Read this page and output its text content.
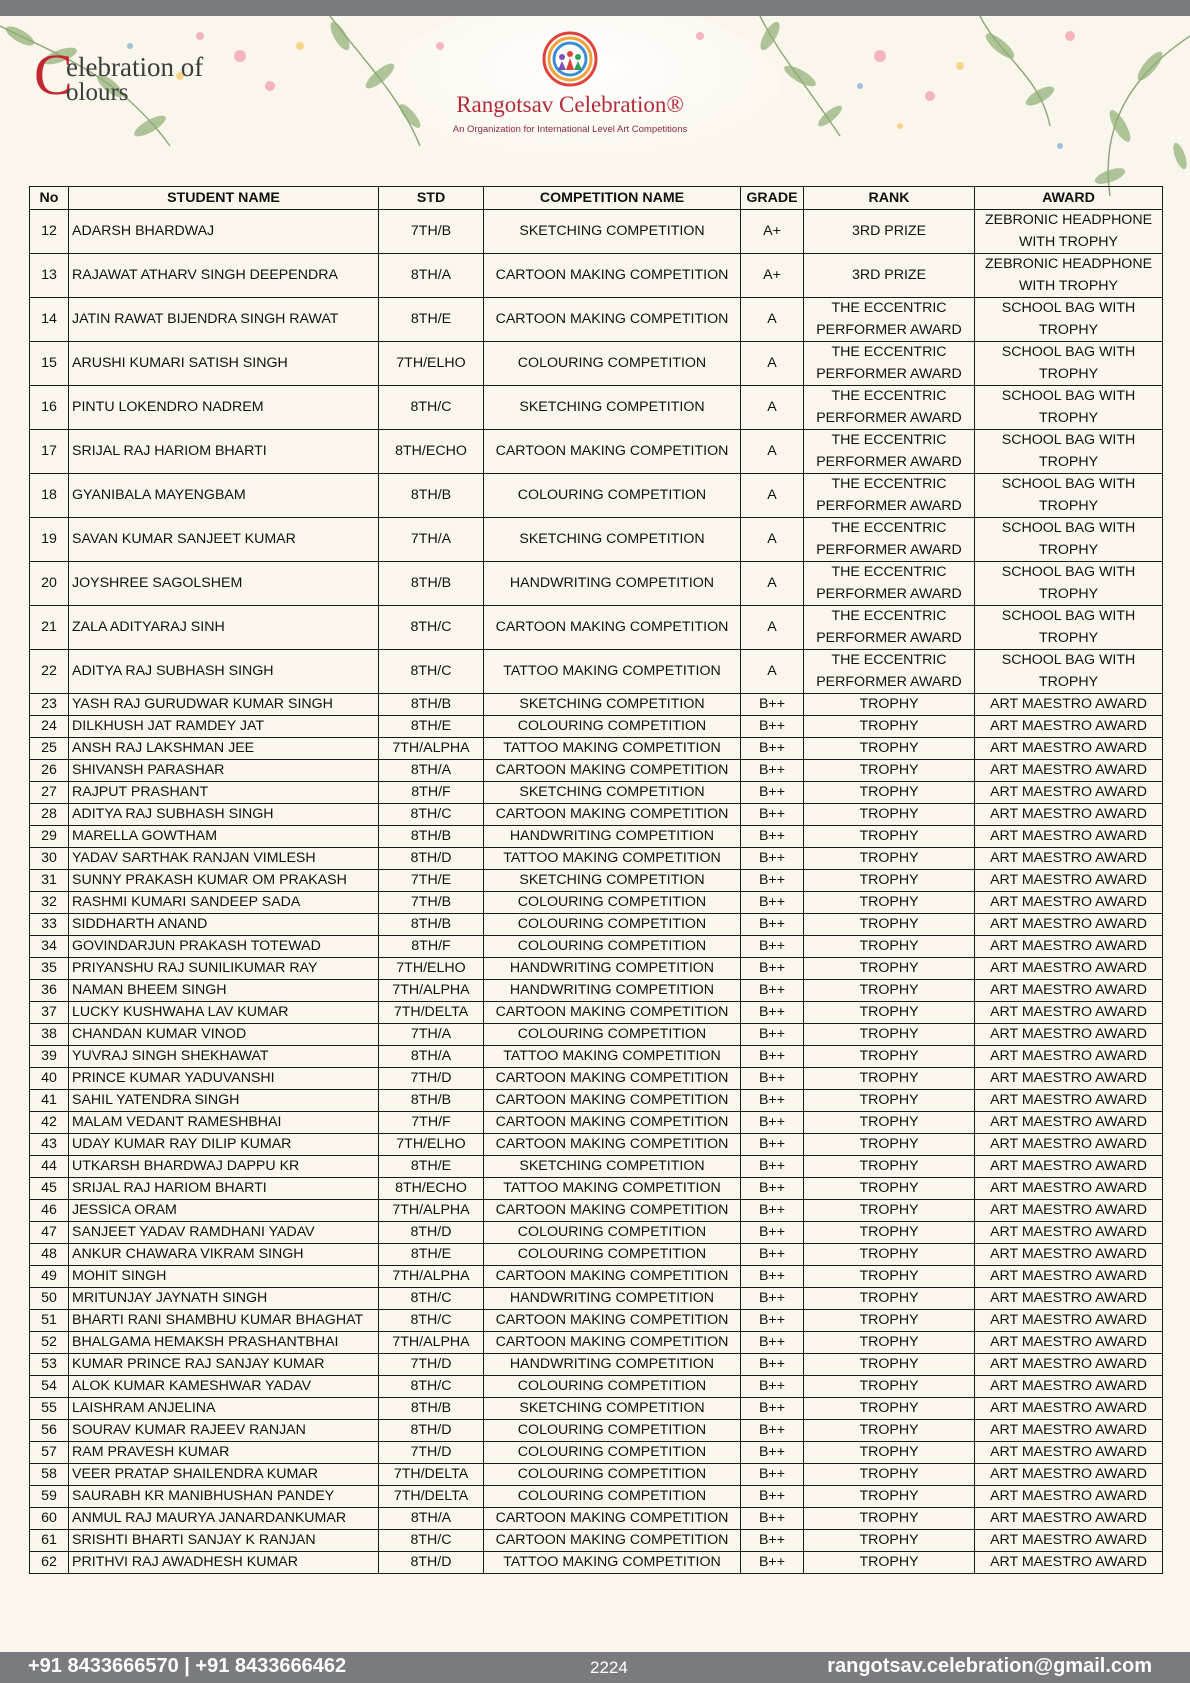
C
elebration of
olours	Rangotsav Celebration®
An Organization for International Level Art Competitions
No	STUDENT NAME	STD	COMPETITION NAME	GRADE	RANK	AWARD
12	ADARSH BHARDWAJ	7TH/B	SKETCHING COMPETITION	A+	3RD PRIZE	ZEBRONIC HEADPHONE WITH TROPHY
13	RAJAWAT ATHARV SINGH DEEPENDRA	8TH/A	CARTOON MAKING COMPETITION	A+	3RD PRIZE	ZEBRONIC HEADPHONE WITH TROPHY
14	JATIN RAWAT BIJENDRA SINGH RAWAT	8TH/E	CARTOON MAKING COMPETITION	A	THE ECCENTRIC PERFORMER AWARD	SCHOOL BAG WITH TROPHY
15	ARUSHI KUMARI SATISH SINGH	7TH/ELHO	COLOURING COMPETITION	A	THE ECCENTRIC PERFORMER AWARD	SCHOOL BAG WITH TROPHY
16	PINTU LOKENDRO NADREM	8TH/C	SKETCHING COMPETITION	A	THE ECCENTRIC PERFORMER AWARD	SCHOOL BAG WITH TROPHY
17	SRIJAL RAJ HARIOM BHARTI	8TH/ECHO	CARTOON MAKING COMPETITION	A	THE ECCENTRIC PERFORMER AWARD	SCHOOL BAG WITH TROPHY
18	GYANIBALA MAYENGBAM	8TH/B	COLOURING COMPETITION	A	THE ECCENTRIC PERFORMER AWARD	SCHOOL BAG WITH TROPHY
19	SAVAN KUMAR SANJEET KUMAR	7TH/A	SKETCHING COMPETITION	A	THE ECCENTRIC PERFORMER AWARD	SCHOOL BAG WITH TROPHY
20	JOYSHREE SAGOLSHEM	8TH/B	HANDWRITING COMPETITION	A	THE ECCENTRIC PERFORMER AWARD	SCHOOL BAG WITH TROPHY
21	ZALA ADITYARAJ SINH	8TH/C	CARTOON MAKING COMPETITION	A	THE ECCENTRIC PERFORMER AWARD	SCHOOL BAG WITH TROPHY
22	ADITYA RAJ SUBHASH SINGH	8TH/C	TATTOO MAKING COMPETITION	A	THE ECCENTRIC PERFORMER AWARD	SCHOOL BAG WITH TROPHY
23	YASH RAJ GURUDWAR KUMAR SINGH	8TH/B	SKETCHING COMPETITION	B++	TROPHY	ART MAESTRO AWARD
24	DILKHUSH JAT RAMDEY JAT	8TH/E	COLOURING COMPETITION	B++	TROPHY	ART MAESTRO AWARD
25	ANSH RAJ LAKSHMAN JEE	7TH/ALPHA	TATTOO MAKING COMPETITION	B++	TROPHY	ART MAESTRO AWARD
26	SHIVANSH PARASHAR	8TH/A	CARTOON MAKING COMPETITION	B++	TROPHY	ART MAESTRO AWARD
27	RAJPUT PRASHANT	8TH/F	SKETCHING COMPETITION	B++	TROPHY	ART MAESTRO AWARD
28	ADITYA RAJ SUBHASH SINGH	8TH/C	CARTOON MAKING COMPETITION	B++	TROPHY	ART MAESTRO AWARD
29	MARELLA GOWTHAM	8TH/B	HANDWRITING COMPETITION	B++	TROPHY	ART MAESTRO AWARD
30	YADAV SARTHAK RANJAN VIMLESH	8TH/D	TATTOO MAKING COMPETITION	B++	TROPHY	ART MAESTRO AWARD
31	SUNNY PRAKASH KUMAR OM PRAKASH	7TH/E	SKETCHING COMPETITION	B++	TROPHY	ART MAESTRO AWARD
32	RASHMI KUMARI SANDEEP SADA	7TH/B	COLOURING COMPETITION	B++	TROPHY	ART MAESTRO AWARD
33	SIDDHARTH ANAND	8TH/B	COLOURING COMPETITION	B++	TROPHY	ART MAESTRO AWARD
34	GOVINDARJUN PRAKASH TOTEWAD	8TH/F	COLOURING COMPETITION	B++	TROPHY	ART MAESTRO AWARD
35	PRIYANSHU RAJ SUNILIKUMAR RAY	7TH/ELHO	HANDWRITING COMPETITION	B++	TROPHY	ART MAESTRO AWARD
36	NAMAN BHEEM SINGH	7TH/ALPHA	HANDWRITING COMPETITION	B++	TROPHY	ART MAESTRO AWARD
37	LUCKY KUSHWAHA LAV KUMAR	7TH/DELTA	CARTOON MAKING COMPETITION	B++	TROPHY	ART MAESTRO AWARD
38	CHANDAN KUMAR VINOD	7TH/A	COLOURING COMPETITION	B++	TROPHY	ART MAESTRO AWARD
39	YUVRAJ SINGH SHEKHAWAT	8TH/A	TATTOO MAKING COMPETITION	B++	TROPHY	ART MAESTRO AWARD
40	PRINCE KUMAR YADUVANSHI	7TH/D	CARTOON MAKING COMPETITION	B++	TROPHY	ART MAESTRO AWARD
41	SAHIL YATENDRA SINGH	8TH/B	CARTOON MAKING COMPETITION	B++	TROPHY	ART MAESTRO AWARD
42	MALAM VEDANT RAMESHBHAI	7TH/F	CARTOON MAKING COMPETITION	B++	TROPHY	ART MAESTRO AWARD
43	UDAY KUMAR RAY DILIP KUMAR	7TH/ELHO	CARTOON MAKING COMPETITION	B++	TROPHY	ART MAESTRO AWARD
44	UTKARSH BHARDWAJ DAPPU KR	8TH/E	SKETCHING COMPETITION	B++	TROPHY	ART MAESTRO AWARD
45	SRIJAL RAJ HARIOM BHARTI	8TH/ECHO	TATTOO MAKING COMPETITION	B++	TROPHY	ART MAESTRO AWARD
46	JESSICA ORAM	7TH/ALPHA	CARTOON MAKING COMPETITION	B++	TROPHY	ART MAESTRO AWARD
47	SANJEET YADAV RAMDHANI YADAV	8TH/D	COLOURING COMPETITION	B++	TROPHY	ART MAESTRO AWARD
48	ANKUR CHAWARA VIKRAM SINGH	8TH/E	COLOURING COMPETITION	B++	TROPHY	ART MAESTRO AWARD
49	MOHIT SINGH	7TH/ALPHA	CARTOON MAKING COMPETITION	B++	TROPHY	ART MAESTRO AWARD
50	MRITUNJAY JAYNATH SINGH	8TH/C	HANDWRITING COMPETITION	B++	TROPHY	ART MAESTRO AWARD
51	BHARTI RANI SHAMBHU KUMAR BHAGHAT	8TH/C	CARTOON MAKING COMPETITION	B++	TROPHY	ART MAESTRO AWARD
52	BHALGAMA HEMAKSH PRASHANTBHAI	7TH/ALPHA	CARTOON MAKING COMPETITION	B++	TROPHY	ART MAESTRO AWARD
53	KUMAR PRINCE RAJ SANJAY KUMAR	7TH/D	HANDWRITING COMPETITION	B++	TROPHY	ART MAESTRO AWARD
54	ALOK KUMAR KAMESHWAR YADAV	8TH/C	COLOURING COMPETITION	B++	TROPHY	ART MAESTRO AWARD
55	LAISHRAM ANJELINA	8TH/B	SKETCHING COMPETITION	B++	TROPHY	ART MAESTRO AWARD
56	SOURAV KUMAR RAJEEV RANJAN	8TH/D	COLOURING COMPETITION	B++	TROPHY	ART MAESTRO AWARD
57	RAM PRAVESH KUMAR	7TH/D	COLOURING COMPETITION	B++	TROPHY	ART MAESTRO AWARD
58	VEER PRATAP SHAILENDRA KUMAR	7TH/DELTA	COLOURING COMPETITION	B++	TROPHY	ART MAESTRO AWARD
59	SAURABH KR MANIBHUSHAN PANDEY	7TH/DELTA	COLOURING COMPETITION	B++	TROPHY	ART MAESTRO AWARD
60	ANMUL RAJ MAURYA JANARDANKUMAR	8TH/A	CARTOON MAKING COMPETITION	B++	TROPHY	ART MAESTRO AWARD
61	SRISHTI BHARTI SANJAY K RANJAN	8TH/C	CARTOON MAKING COMPETITION	B++	TROPHY	ART MAESTRO AWARD
62	PRITHVI RAJ AWADHESH KUMAR	8TH/D	TATTOO MAKING COMPETITION	B++	TROPHY	ART MAESTRO AWARD
+91 8433666570 | +91 8433666462	2224	rangotsav.celebration@gmail.com
